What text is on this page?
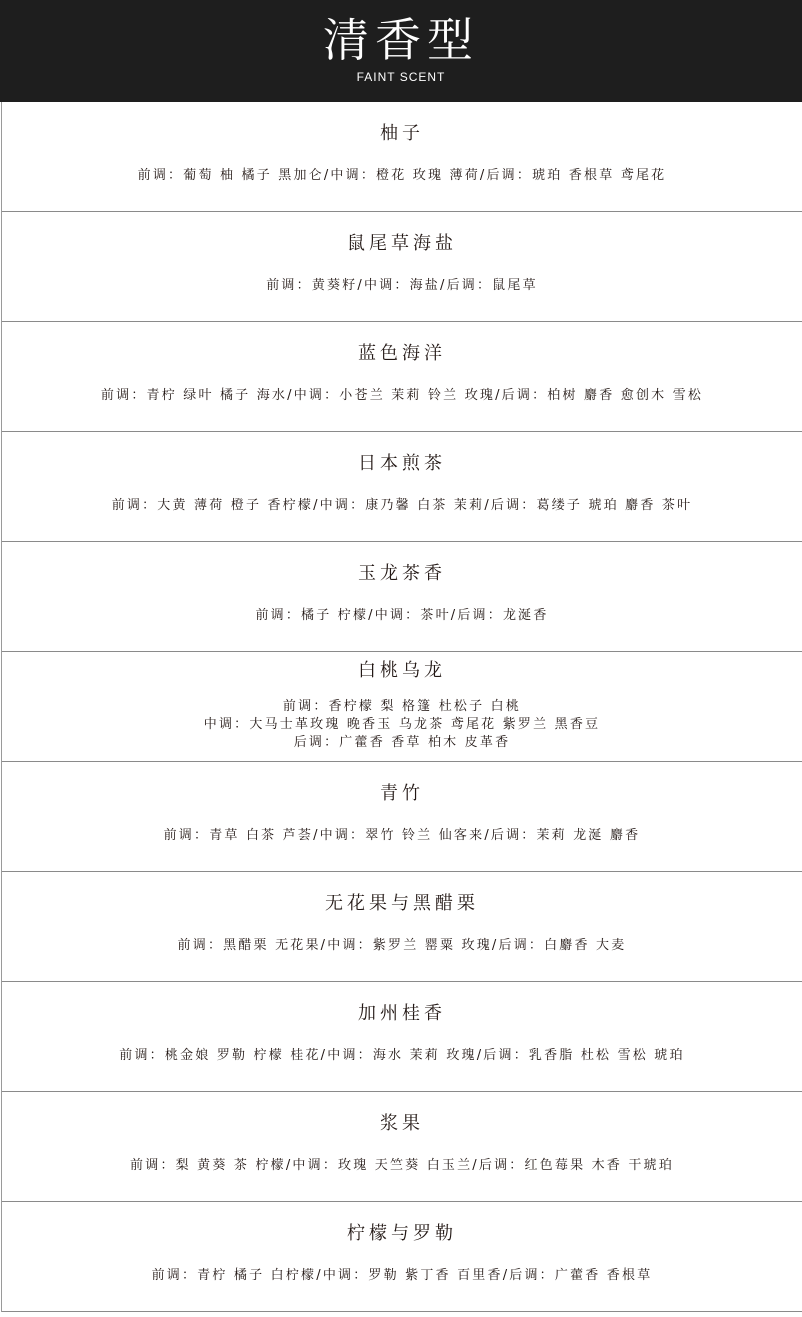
清香型
FAINT SCENT
柚子
前调：葡萄 柚 橘子 黑加仑/中调：橙花 玫瑰 薄荷/后调：琥珀 香根草 鸢尾花
鼠尾草海盐
前调：黄葵籽/中调：海盐/后调：鼠尾草
蓝色海洋
前调：青柠 绿叶 橘子 海水/中调：小苍兰 茉莉 铃兰 玫瑰/后调：柏树 麝香 愈创木 雪松
日本煎茶
前调：大黄 薄荷 橙子 香柠檬/中调：康乃馨 白茶 茉莉/后调：葛缕子 琥珀 麝香 茶叶
玉龙茶香
前调：橘子 柠檬/中调：茶叶/后调：龙涎香
白桃乌龙
前调：香柠檬 梨 格篷 杜松子 白桃
中调：大马士革玫瑰 晚香玉 乌龙茶 鸢尾花 紫罗兰 黑香豆
后调：广藿香 香草 柏木 皮革香
青竹
前调：青草 白茶 芦荟/中调：翠竹 铃兰 仙客来/后调：茉莉 龙涎 麝香
无花果与黑醋栗
前调：黑醋栗 无花果/中调：紫罗兰 罂粟 玫瑰/后调：白麝香 大麦
加州桂香
前调：桃金娘 罗勒 柠檬 桂花/中调：海水 茉莉 玫瑰/后调：乳香脂 杜松 雪松 琥珀
浆果
前调：梨 黄葵 茶 柠檬/中调：玫瑰 天竺葵 白玉兰/后调：红色莓果 木香 干琥珀
柠檬与罗勒
前调：青柠 橘子 白柠檬/中调：罗勒 紫丁香 百里香/后调：广藿香 香根草
